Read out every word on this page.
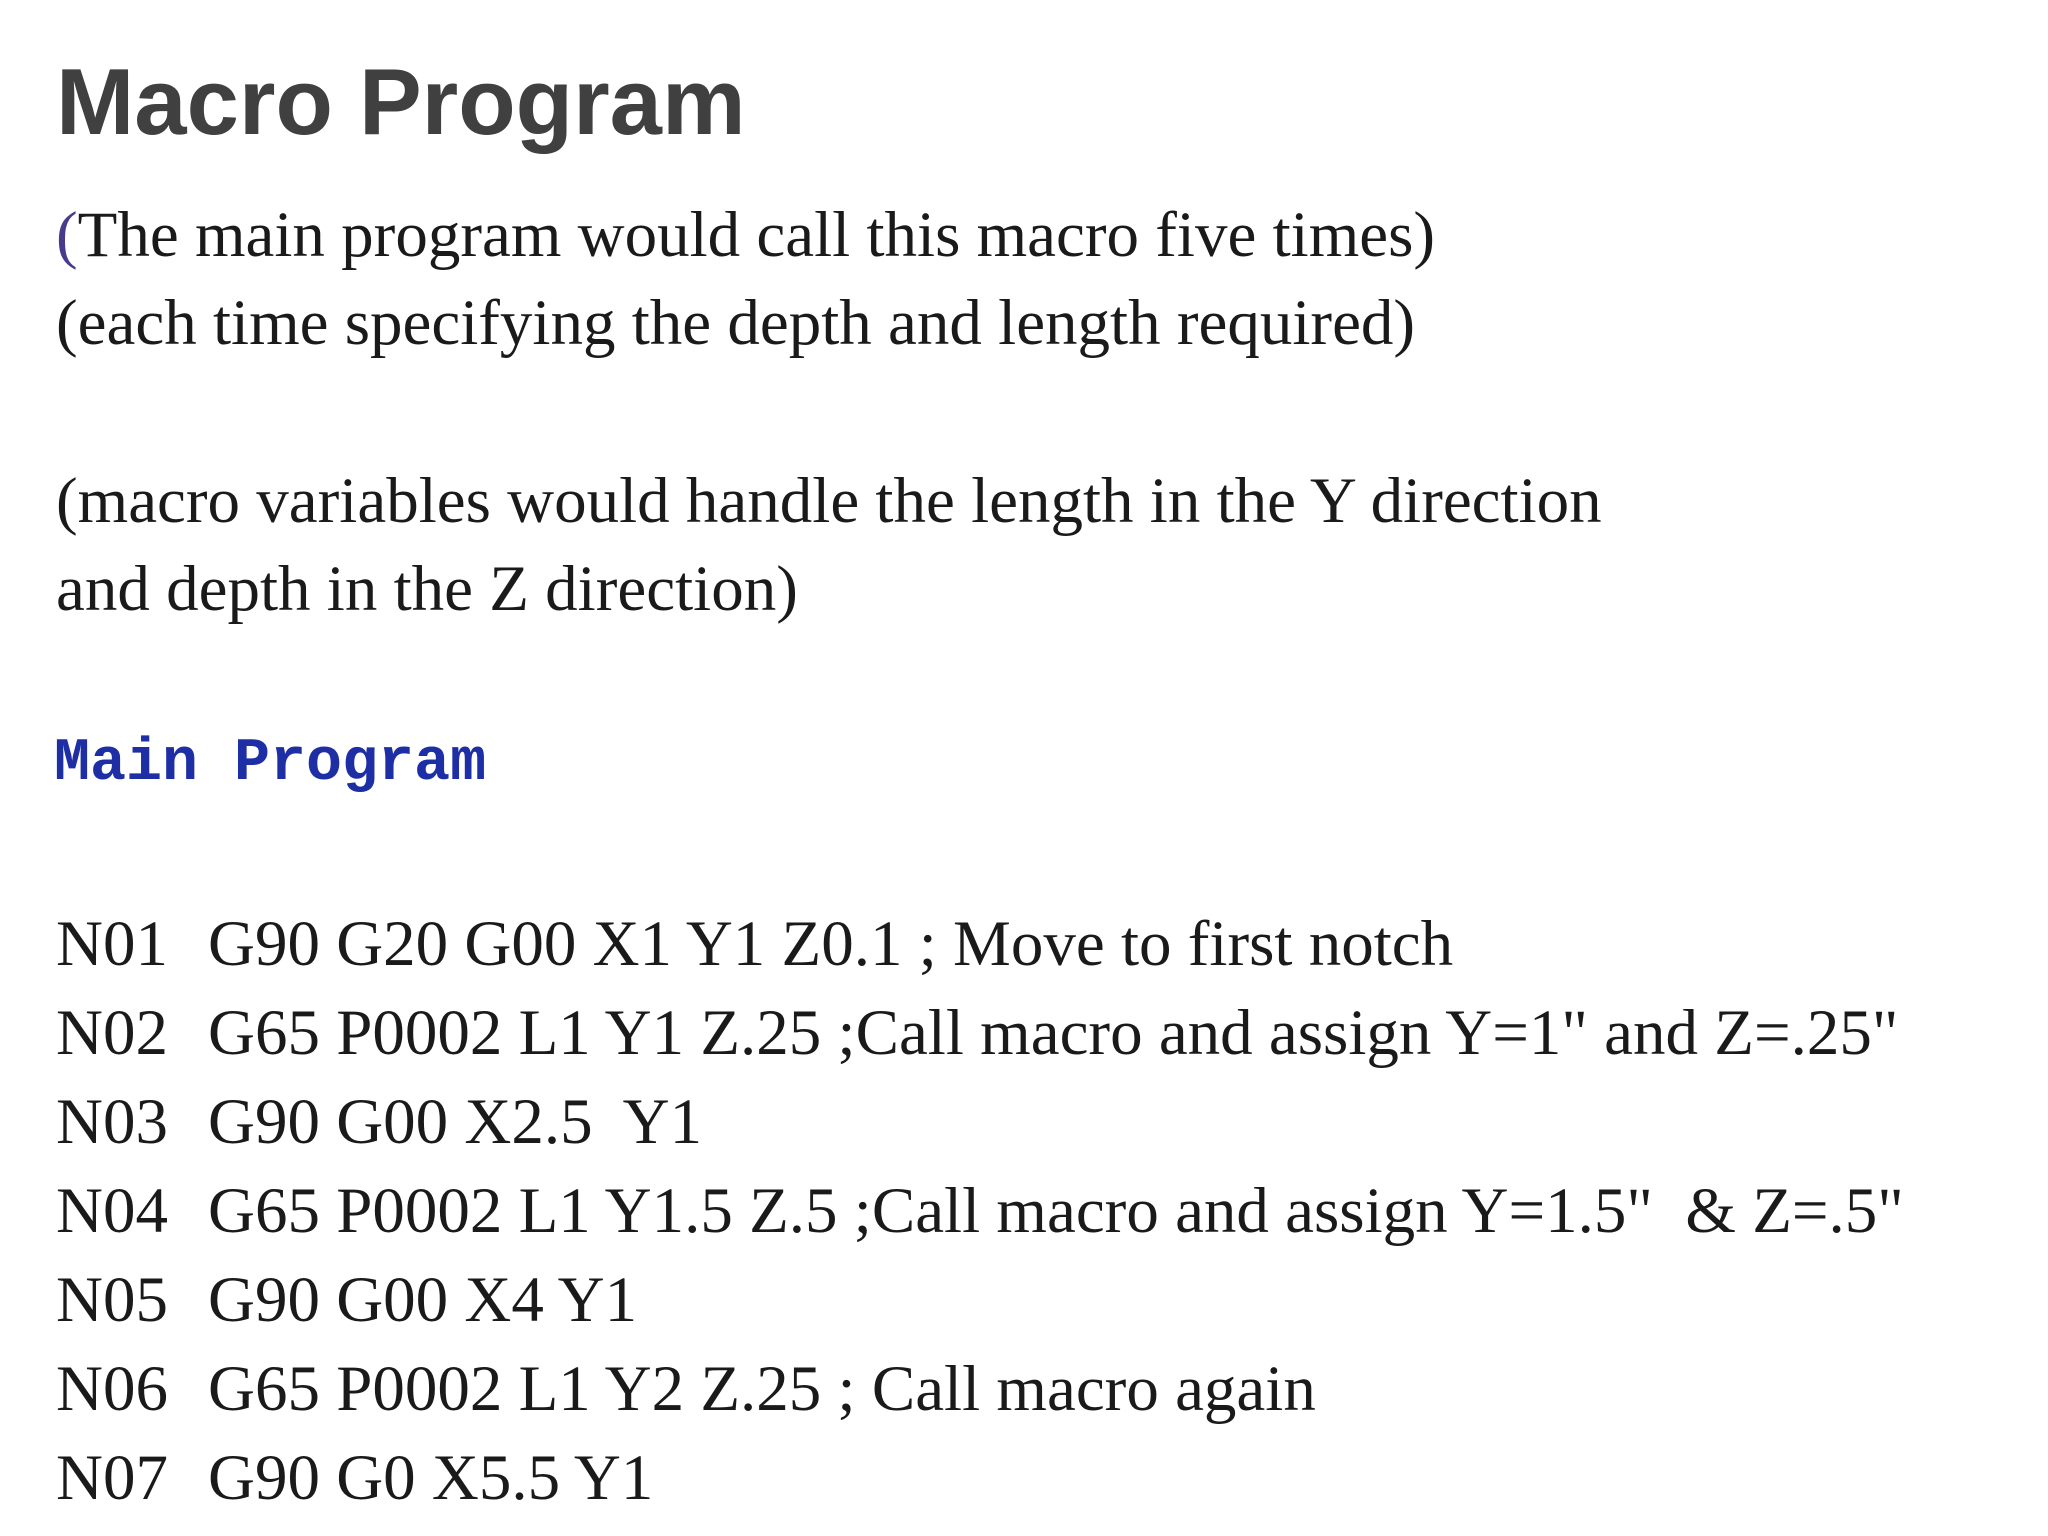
Macro Program

(The main program would call this macro five times)

(each time specifying the depth and length required)

(macro variables would handle the length in the Y direction

and depth in the Z direction)

Main Program

N01 G90 G20 G00 X1 Y1 Z0.1 ; Move to first notch

N02 G65 P0002 L1 Y1 Z.25 ;Call macro and assign Y=1" and Z=.25"

N03 G90 G00 X2.5  Y1

N04 G65 P0002 L1 Y1.5 Z.5 ;Call macro and assign Y=1.5"  & Z=.5"

N05 G90 G00 X4 Y1

N06 G65 P0002 L1 Y2 Z.25 ; Call macro again

N07 G90 G0 X5.5 Y1
